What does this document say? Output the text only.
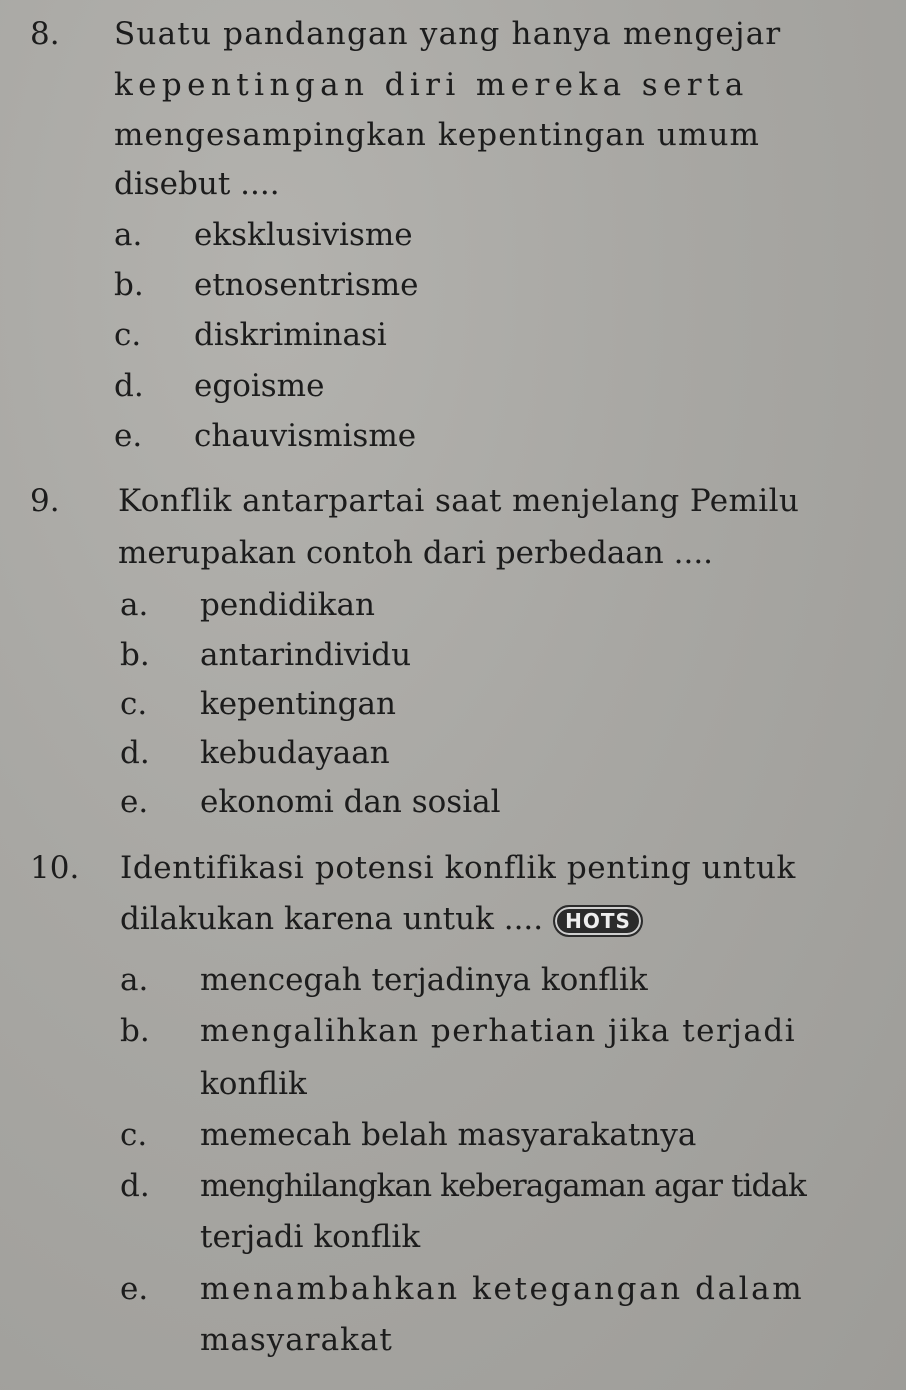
8. Suatu pandangan yang hanya mengejar
kepentingan diri mereka serta
mengesampingkan kepentingan umum
disebut ....
a. eksklusivisme
b. etnosentrisme
c. diskriminasi
d. egoisme
e. chauvismisme
9. Konflik antarpartai saat menjelang Pemilu
merupakan contoh dari perbedaan ....
a. pendidikan
b. antarindividu
c. kepentingan
d. kebudayaan
e. ekonomi dan sosial
10. Identifikasi potensi konflik penting untuk
dilakukan karena untuk .... HOTS
a. mencegah terjadinya konflik
b. mengalihkan perhatian jika terjadi
konflik
c. memecah belah masyarakatnya
d. menghilangkan keberagaman agar tidak
terjadi konflik
e. menambahkan ketegangan dalam
masyarakat
